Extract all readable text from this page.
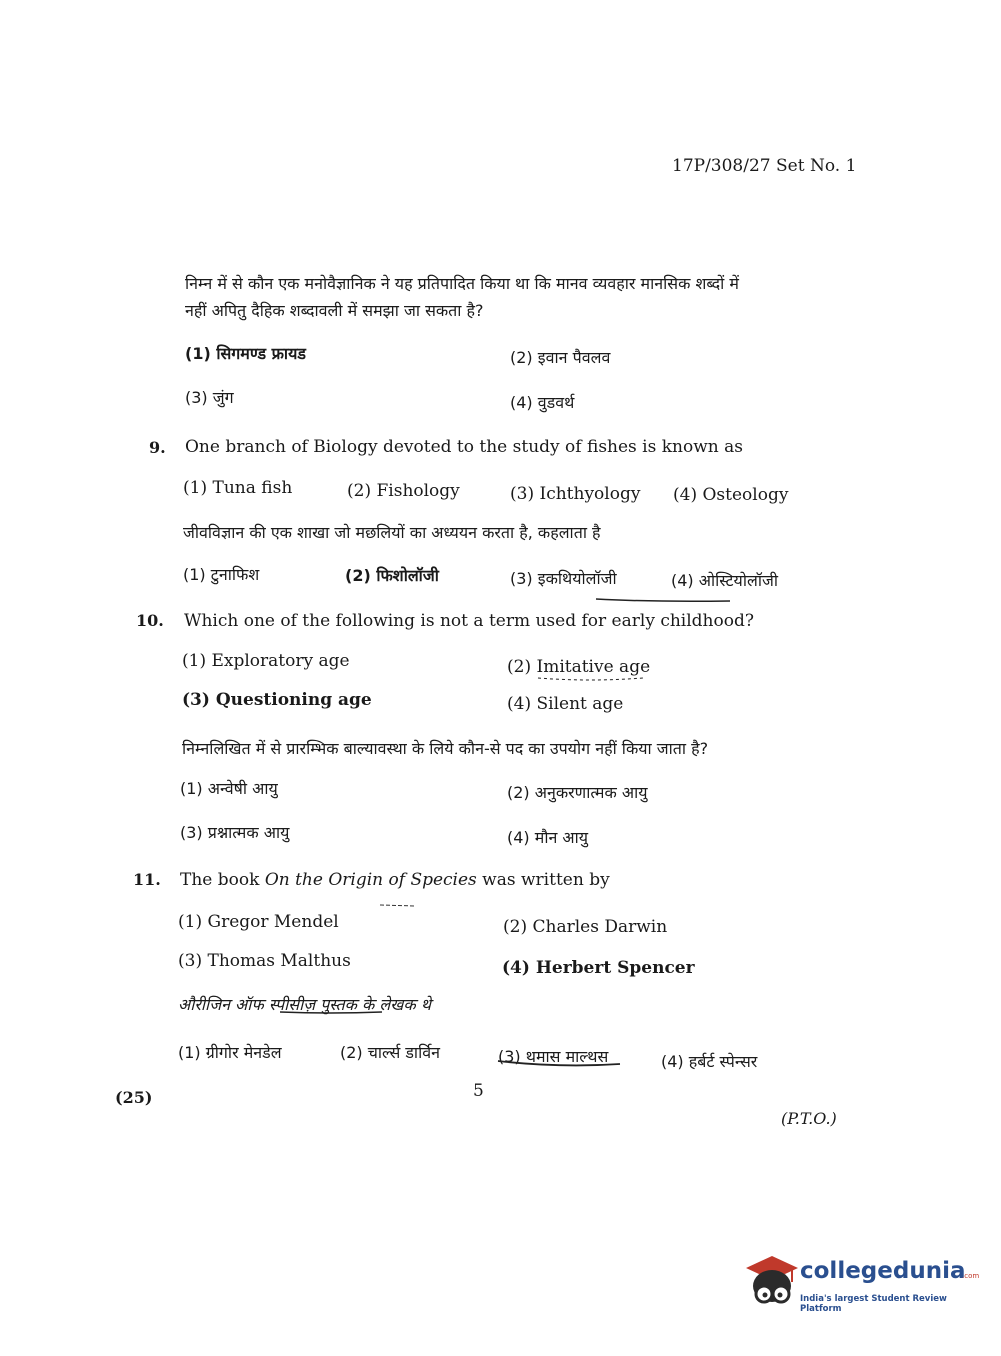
17P/308/27 Set No. 1
निम्न में से कौन एक मनोवैज्ञानिक ने यह प्रतिपादित किया था कि मानव व्यवहार मानसिक शब्दों में
नहीं अपितु दैहिक शब्दावली में समझा जा सकता है?
(1) सिगमण्ड फ्रायड	(2) इवान पैवलव
(3) जुंग	(4) वुडवर्थ
9. One branch of Biology devoted to the study of fishes is known as
(1) Tuna fish	(2) Fishology	(3) Ichthyology (4) Osteology
जीवविज्ञान की एक शाखा जो मछलियों का अध्ययन करता है, कहलाता है
(1) टुनाफिश	(2) फिशोलॉजी	(3) इकथियोलॉजी	(4) ओस्टियोलॉजी
10. Which one of the following is not a term used for early childhood?
(1) Exploratory age	(2) Imitative age
(3) Questioning age	(4) Silent age
निम्नलिखित में से प्रारम्भिक बाल्यावस्था के लिये कौन-से पद का उपयोग नहीं किया जाता है?
(1) अन्वेषी आयु	(2) अनुकरणात्मक आयु
(3) प्रश्नात्मक आयु	(4) मौन आयु
11. The book On the Origin of Species was written by
(1) Gregor Mendel	(2) Charles Darwin
(3) Thomas Malthus	(4) Herbert Spencer
औरीजिन ऑफ स्पीसीज़ पुस्तक के लेखक थे
(1) ग्रीगोर मेनडेल	(2) चार्ल्स डार्विन	(3) थमास माल्थस	(4) हर्बर्ट स्पेन्सर
(25)	5
(P.T.O.)
collegedunia
.com
India's largest Student Review Platform
